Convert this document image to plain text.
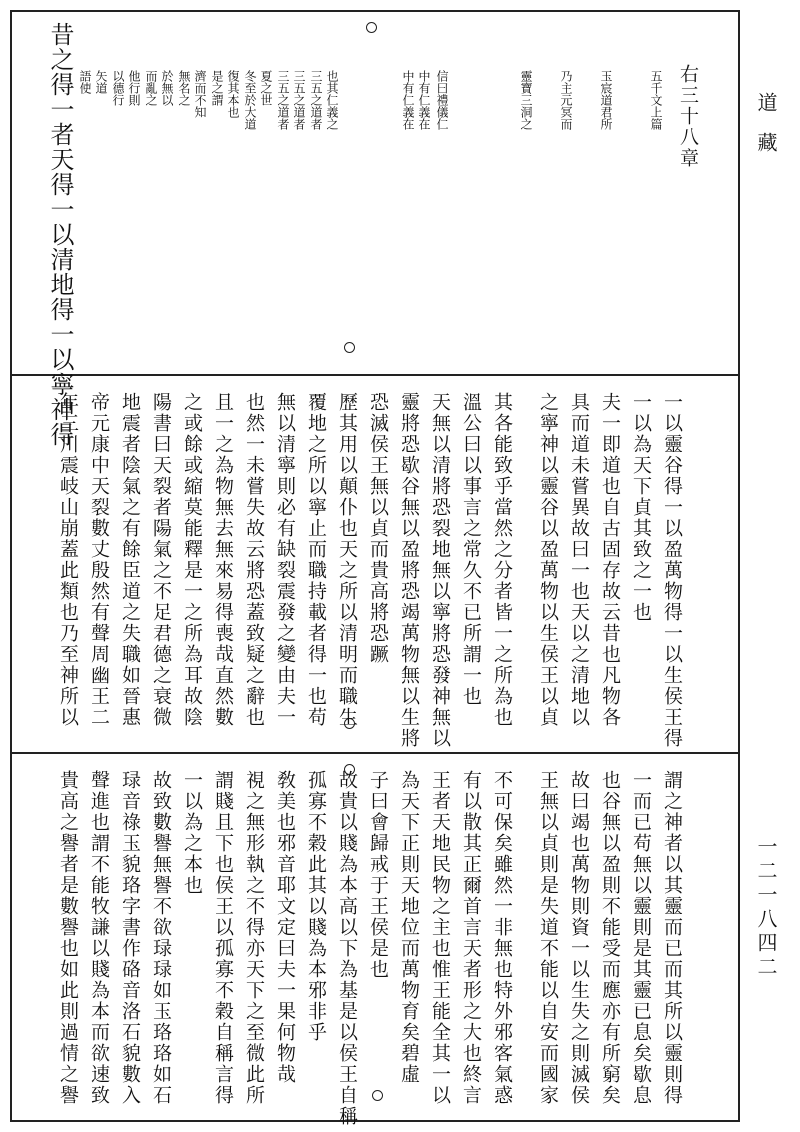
道藏
一二一八四二
昔之得一者天得一以清地得一以寧神得 語使 矢道 以德行 他行則 而亂之 於無以 無名之 濟而不知 是之謂 復其本也 冬至於大道 夏之世 三五之道者 三五之道者 三五之道者 也其仁義之	中有仁義在 中有仁義在 信曰禮儀仁	靈寶三洞之 乃主元冥而 玉宸道君所	五千文上篇 右三十八章
年三川震岐山崩蓋此類也乃至神所以 帝元康中天裂數丈殷然有聲周幽王二 地震者陰氣之有餘臣道之失職如晉惠 陽書曰天裂者陽氣之不足君德之衰微 之或餘或縮莫能釋是一之所為耳故陰 且一之為物無去無來易得喪哉直然數 也然一未嘗失故云將恐蓋致疑之辭也 無以清寧則必有缺裂震發之變由夫一 覆地之所以寧止而職持載者得一也苟 歷其用以顛仆也天之所以清明而職生 恐滅侯王無以貞而貴高將恐蹶 靈將恐歇谷無以盈將恐竭萬物無以生將 天無以清將恐裂地無以寧將恐發神無以 溫公曰以事言之常久不已所謂一也 其各能致乎當然之分者皆一之所為也 之寧神以靈谷以盈萬物以生侯王以貞 具而道未嘗異故曰一也天以之清地以 夫一即道也自古固存故云昔也凡物各 一以為天下貞其致之一也 一以靈谷得一以盈萬物得一以生侯王得
貴高之譽者是數譽也如此則過情之譽 聲進也謂不能牧謙以賤為本而欲速致 琭音祿玉貌珞字書作硌音洛石貌數入 故致數譽無譽不欲琭琭如玉珞珞如石 一以為之本也 謂賤且下也侯王以孤寡不穀自稱言得 視之無形執之不得亦天下之至微此所 敎美也邪音耶文定曰夫一果何物哉 孤寡不穀此其以賤為本邪非乎 故貴以賤為本高以下為基是以侯王自稱 子曰會歸戒于王侯是也 為天下正則天地位而萬物育矣碧虛 王者天地民物之主也惟王能全其一以 有以散其正爾首言天者形之大也終言 不可保矣雖然一非無也特外邪客氣惑 王無以貞則是失道不能以自安而國家 故曰竭也萬物則資一以生失之則滅侯 也谷無以盈則不能受而應亦有所窮矣 一而已苟無以靈則是其靈已息矣歇息 謂之神者以其靈而已而其所以靈則得
